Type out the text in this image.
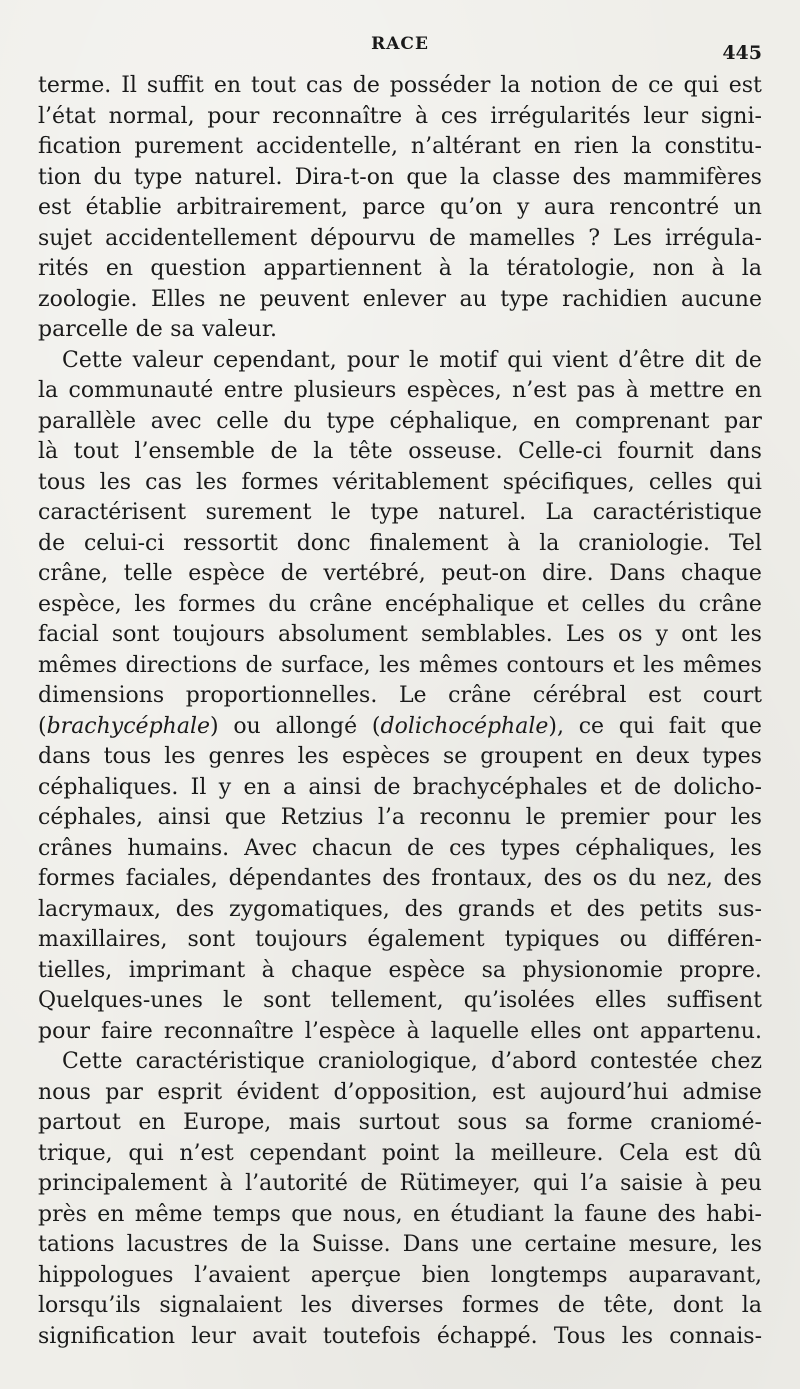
RACE	445
terme. Il suffit en tout cas de posséder la notion de ce qui est
l’état normal, pour reconnaître à ces irrégularités leur signi-
fication purement accidentelle, n’altérant en rien la constitu-
tion du type naturel. Dira-t-on que la classe des mammifères
est établie arbitrairement, parce qu’on y aura rencontré un
sujet accidentellement dépourvu de mamelles ? Les irrégula-
rités en question appartiennent à la tératologie, non à la
zoologie. Elles ne peuvent enlever au type rachidien aucune
parcelle de sa valeur.
Cette valeur cependant, pour le motif qui vient d’être dit de
la communauté entre plusieurs espèces, n’est pas à mettre en
parallèle avec celle du type céphalique, en comprenant par
là tout l’ensemble de la tête osseuse. Celle-ci fournit dans
tous les cas les formes véritablement spécifiques, celles qui
caractérisent surement le type naturel. La caractéristique
de celui-ci ressortit donc finalement à la craniologie. Tel
crâne, telle espèce de vertébré, peut-on dire. Dans chaque
espèce, les formes du crâne encéphalique et celles du crâne
facial sont toujours absolument semblables. Les os y ont les
mêmes directions de surface, les mêmes contours et les mêmes
dimensions proportionnelles. Le crâne cérébral est court
(brachycéphale) ou allongé (dolichocéphale), ce qui fait que
dans tous les genres les espèces se groupent en deux types
céphaliques. Il y en a ainsi de brachycéphales et de dolicho-
céphales, ainsi que Retzius l’a reconnu le premier pour les
crânes humains. Avec chacun de ces types céphaliques, les
formes faciales, dépendantes des frontaux, des os du nez, des
lacrymaux, des zygomatiques, des grands et des petits sus-
maxillaires, sont toujours également typiques ou différen-
tielles, imprimant à chaque espèce sa physionomie propre.
Quelques-unes le sont tellement, qu’isolées elles suffisent
pour faire reconnaître l’espèce à laquelle elles ont appartenu.
Cette caractéristique craniologique, d’abord contestée chez
nous par esprit évident d’opposition, est aujourd’hui admise
partout en Europe, mais surtout sous sa forme craniomé-
trique, qui n’est cependant point la meilleure. Cela est dû
principalement à l’autorité de Rütimeyer, qui l’a saisie à peu
près en même temps que nous, en étudiant la faune des habi-
tations lacustres de la Suisse. Dans une certaine mesure, les
hippologues l’avaient aperçue bien longtemps auparavant,
lorsqu’ils signalaient les diverses formes de tête, dont la
signification leur avait toutefois échappé. Tous les connais-
